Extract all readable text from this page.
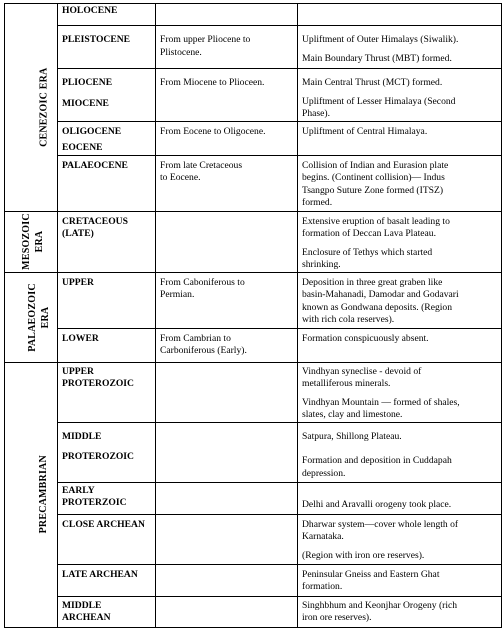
CENEZOIC ERA	HOLOCENE		

	PLEISTOCENE	From upper Pliocene to
Plistocene.	Upliftment of Outer Himalays (Siwalik).
Main Boundary Thrust (MBT) formed.

	PLIOCENE
MIOCENE	From Miocene to Plioceen.	Main Central Thrust (MCT) formed.
Upliftment of Lesser Himalaya (Second
Phase).

	OLIGOCENE
EOCENE	From Eocene to Oligocene.	Upliftment of Central Himalaya.

	PALAEOCENE	From late Cretaceous
to Eocene.	Collision of Indian and Eurasion plate
begins. (Continent collision)— Indus
Tsangpo Suture Zone formed (ITSZ)
formed.

MESOZOIC ERA	CRETACEOUS
(LATE)		Extensive eruption of basalt leading to
formation of Deccan Lava Plateau.
Enclosure of Tethys which started
shrinking.

PALAEOZOIC ERA	UPPER	From Caboniferous to
Permian.	Deposition in three great graben like
basin-Mahanadi, Damodar and Godavari
known as Gondwana deposits. (Region
with rich cola reserves).

	LOWER	From Cambrian to
Carboniferous (Early).	Formation conspicuously absent.

PRECAMBRIAN	UPPER
PROTEROZOIC		Vindhyan syneclise - devoid of
metalliferous minerals.
Vindhyan Mountain — formed of shales,
slates, clay and limestone.

	MIDDLE
PROTEROZOIC		Satpura, Shillong Plateau.
Formation and deposition in Cuddapah
depression.

	EARLY
PROTERZOIC		Delhi and Aravalli orogeny took place.

	CLOSE ARCHEAN		Dharwar system—cover whole length of
Karnataka.
(Region with iron ore reserves).

	LATE ARCHEAN		Peninsular Gneiss and Eastern Ghat
formation.

	MIDDLE
ARCHEAN		Singhbhum and Keonjhar Orogeny (rich
iron ore reserves).
